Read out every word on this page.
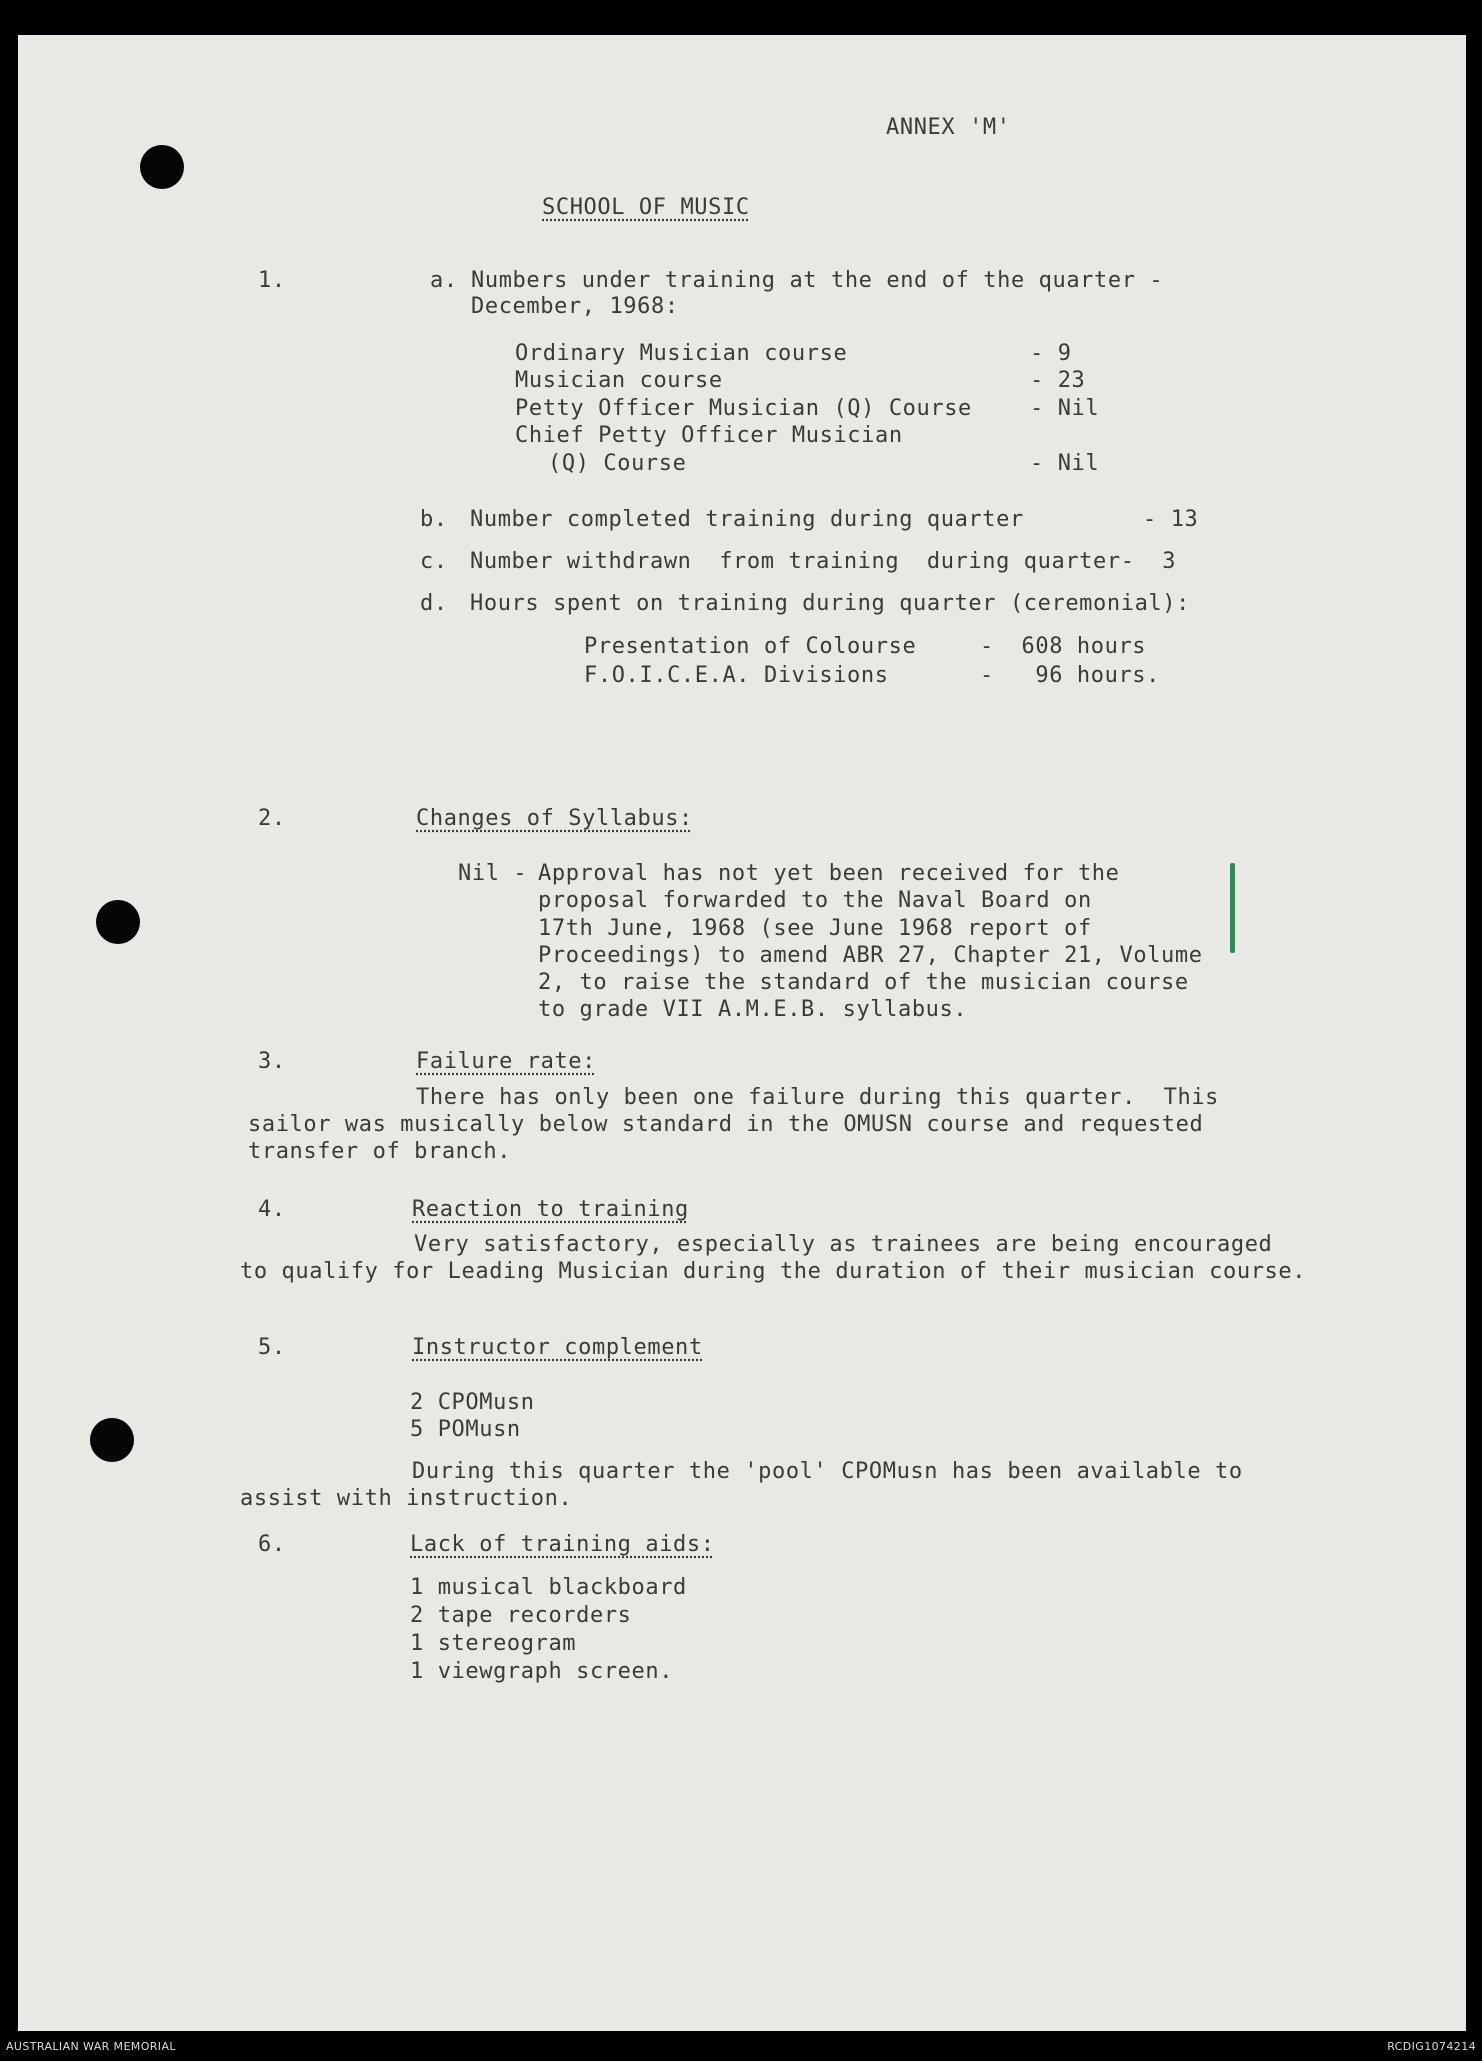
ANNEX 'M'
SCHOOL OF MUSIC
1.	a. Numbers under training at the end of the quarter -
December, 1968:
Ordinary Musician course	- 9
Musician course	- 23
Petty Officer Musician (Q) Course	- Nil
Chief Petty Officer Musician
(Q) Course	- Nil
b. Number completed training during quarter	- 13
c. Number withdrawn  from training  during quarter-  3
d. Hours spent on training during quarter (ceremonial):
Presentation of Colourse	-  608 hours
F.O.I.C.E.A. Divisions	-   96 hours.
2.	Changes of Syllabus:
Nil - Approval has not yet been received for the
proposal forwarded to the Naval Board on
17th June, 1968 (see June 1968 report of
Proceedings) to amend ABR 27, Chapter 21, Volume
2, to raise the standard of the musician course
to grade VII A.M.E.B. syllabus.
3.	Failure rate:
There has only been one failure during this quarter.  This
sailor was musically below standard in the OMUSN course and requested
transfer of branch.
4.	Reaction to training
Very satisfactory, especially as trainees are being encouraged
to qualify for Leading Musician during the duration of their musician course.
5.	Instructor complement
2 CPOMusn
5 POMusn
During this quarter the 'pool' CPOMusn has been available to
assist with instruction.
6.	Lack of training aids:
1 musical blackboard
2 tape recorders
1 stereogram
1 viewgraph screen.
AUSTRALIAN WAR MEMORIAL	RCDIG1074214
